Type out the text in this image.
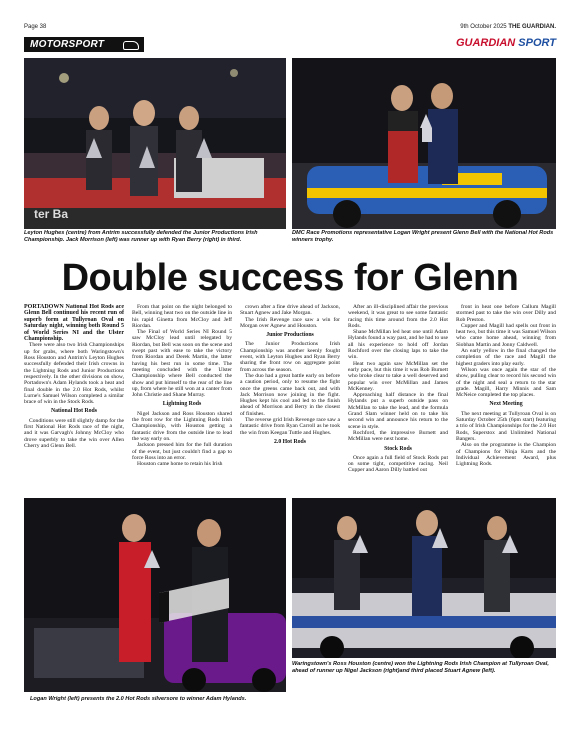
Page 38	9th October 2025 THE GUARDIAN.
MOTORSPORT	GUARDIAN SPORT
ter Ba
Leyton Hughes (centre) from Antrim successfully defended the Junior Productions Irish Championship. Jack Morrison (left) was runner up with Ryan Berry (right) in third.
DMC Race Promotions representative Logan Wright present Glenn Bell with the National Hot Rods winners trophy.
Double success for Glenn

PORTADOWN National Hot Rods ace Glenn Bell continued his recent run of superb form at Tullyroan Oval on Saturday night, winning both Round 5 of World Series NI and the Ulster Championship.

There were also two Irish Championships up for grabs, where both Waringstown's Ross Houston and Antrim's Leyton Hughes successfully defended their Irish crowns in the Lightning Rods and Junior Productions respectively. In the other divisions on show, Portadown's Adam Hylands took a heat and final double in the 2.0 Hot Rods, whilst Lurne's Samuel Wilson completed a similar brace of win in the Stock Rods.

National Hot Rods

Conditions were still slightly damp for the first National Hot Rods race of the night, and it was Garvagh's Johnny McCloy who drove superbly to take the win over Allen Cherry and Glenn Bell.

From that point on the night belonged to Bell, winning heat two on the outside line in his rapid Ginetta from McCloy and Jeff Riordan.

The Final of World Series NI Round 5 saw McCloy lead until relegated by Riordan, but Bell was soon on the scene and swept past with ease to take the victory from Riordan and Derek Martin, the latter having his best run in some time. The meeting concluded with the Ulster Championship where Bell conducted the show and put himself to the rear of the line up, from where he still won at a canter from John Christie and Shane Murray.

Lightning Rods

Nigel Jackson and Ross Houston shared the front row for the Lightning Rods Irish Championship, with Houston getting a fantastic drive from the outside line to lead the way early on.

Jackson pressed him for the full duration of the event, but just couldn't find a gap to force Ross into an error.

Houston came home to retain his Irish

crown after a fine drive ahead of Jackson, Stuart Agnew and Jake Morgan.

The Irish Revenge race saw a win for Morgan over Agnew and Houston.

Junior Productions

The Junior Productions Irish Championship was another keenly fought event, with Leyton Hughes and Ryan Berry sharing the front row on aggregate point from across the season.

The duo had a great battle early on before a caution period, only to resume the fight once the greens came back out, and with Jack Morrison now joining in the fight. Hughes kept his cool and led to the finish ahead of Morrison and Berry in the closest of finishes.

The reverse grid Irish Revenge race saw a fantastic drive from Ryan Carroll as he took the win from Keegan Tuttle and Hughes.

2.0 Hot Rods

After an ill-disciplined affair the previous weekend, it was great to see some fantastic racing this time around from the 2.0 Hot Rods.

Shane McMillan led heat one until Adam Hylands found a way past, and he had to use all his experience to hold off Jordan Rochford over the closing laps to take the win.

Heat two again saw McMillan set the early pace, but this time it was Rob Burnett who broke clear to take a well deserved and popular win over McMillan and James McKenney.

Approaching half distance in the final Hylands put a superb outside pass on McMillan to take the lead, and the formula Grand Slam winner held on to take his second win and announce his return to the scene in style.

Rochford, the impressive Burnett and McMillan were next home.

Stock Rods

Once again a full field of Stock Rods put on some tight, competitive racing. Neil Cupper and Aaron Dilly battled out

front in heat one before Callum Magill stormed past to take the win over Dilly and Rob Preston.

Cupper and Magill had spells out front in heat two, but this time it was Samuel Wilson who came home ahead, winning from Siobhan Martin and Jonny Caldwell.

An early yellow in the final changed the completion of the race and Magill the highest graders into play early.

Wilson was once again the star of the show, pulling clear to record his second win of the night and seal a return to the star grade. Magill, Harry Minnis and Sam McNeice completed the top places.

Next Meeting

The next meeting at Tullyroan Oval is on Saturday October 25th (6pm start) featuring a trio of Irish Championships for the 2.0 Hot Rods, Superstox and Unlimited National Bangers.

Also on the programme is the Champion of Champions for Ninja Karts and the Individual Achievement Award, plus Lightning Rods.

Logan Wright (left) presents the 2.0 Hot Rods silversore to winner Adam Hylands.
Waringstown's Ross Houston (centre) won the Lightning Rods Irish Champion at Tullyroan Oval, ahead of runner up Nigel Jackson (right)and third placed Stuart Agnew (left).
